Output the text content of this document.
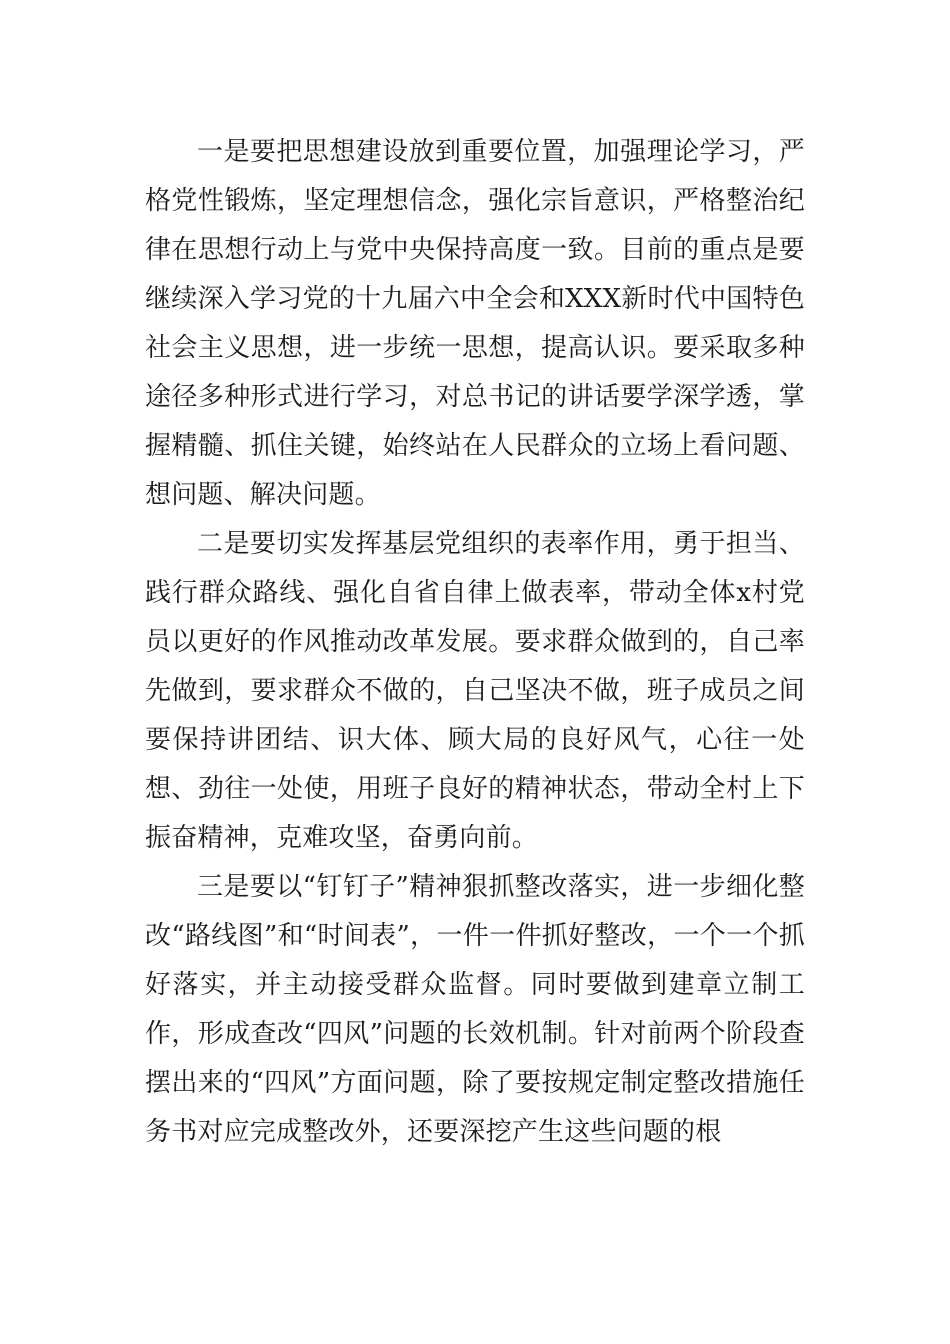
一是要把思想建设放到重要位置，加强理论学习，严格党性锻炼，坚定理想信念，强化宗旨意识，严格整治纪律在思想行动上与党中央保持高度一致。目前的重点是要继续深入学习党的十九届六中全会和XXX新时代中国特色社会主义思想，进一步统一思想，提高认识。要采取多种途径多种形式进行学习，对总书记的讲话要学深学透，掌握精髓、抓住关键，始终站在人民群众的立场上看问题、想问题、解决问题。

二是要切实发挥基层党组织的表率作用，勇于担当、践行群众路线、强化自省自律上做表率，带动全体x村党员以更好的作风推动改革发展。要求群众做到的，自己率先做到，要求群众不做的，自己坚决不做，班子成员之间要保持讲团结、识大体、顾大局的良好风气，心往一处想、劲往一处使，用班子良好的精神状态，带动全村上下振奋精神，克难攻坚，奋勇向前。

三是要以“钉钉子”精神狠抓整改落实，进一步细化整改“路线图”和“时间表”，一件一件抓好整改，一个一个抓好落实，并主动接受群众监督。同时要做到建章立制工作，形成查改“四风”问题的长效机制。针对前两个阶段查摆出来的“四风”方面问题，除了要按规定制定整改措施任务书对应完成整改外，还要深挖产生这些问题的根
